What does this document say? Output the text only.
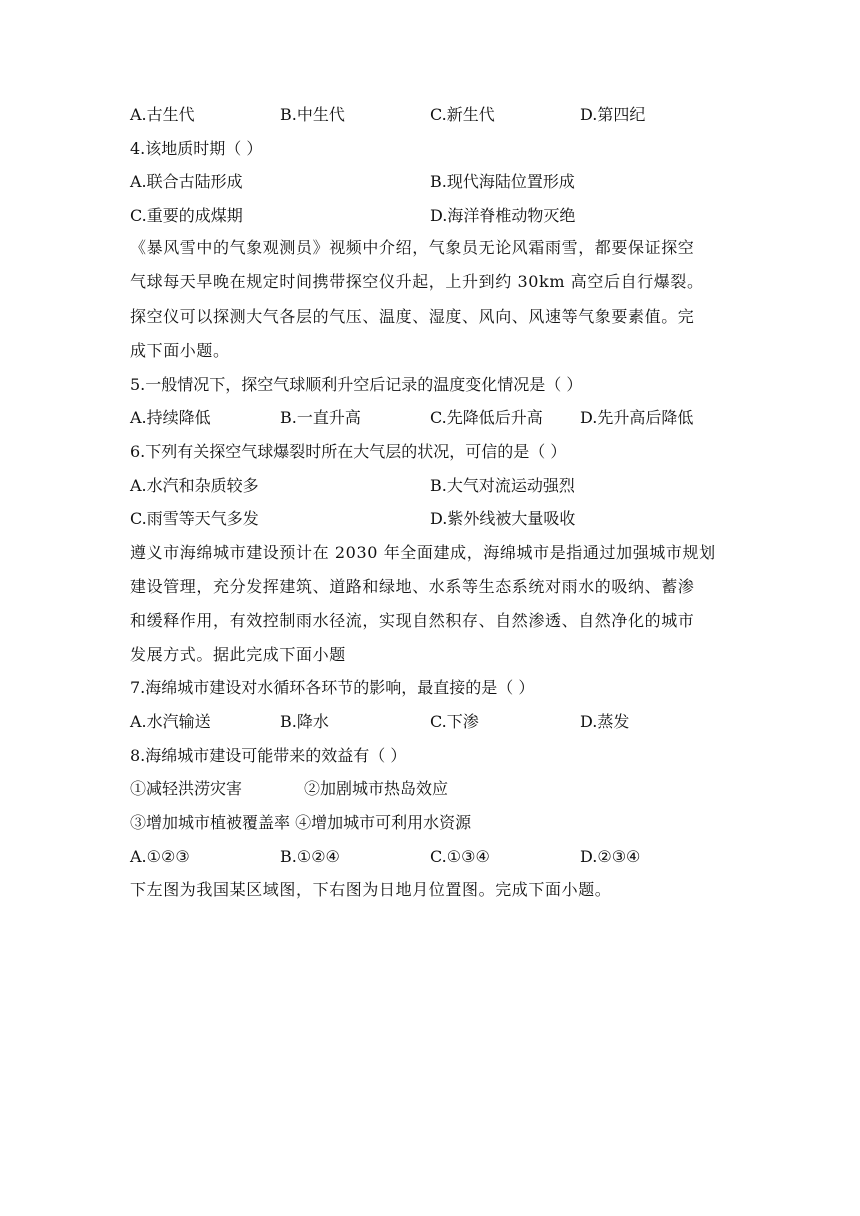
A.古生代	B.中生代	C.新生代	D.第四纪
4.该地质时期（ ）
A.联合古陆形成	B.现代海陆位置形成
C.重要的成煤期	D.海洋脊椎动物灭绝
《暴风雪中的气象观测员》视频中介绍，气象员无论风霜雨雪，都要保证探空
气球每天早晚在规定时间携带探空仪升起，上升到约 30km 高空后自行爆裂。
探空仪可以探测大气各层的气压、温度、湿度、风向、风速等气象要素值。完
成下面小题。
5.一般情况下，探空气球顺利升空后记录的温度变化情况是（ ）
A.持续降低	B.一直升高	C.先降低后升高 D.先升高后降低
6.下列有关探空气球爆裂时所在大气层的状况，可信的是（ ）
A.水汽和杂质较多	B.大气对流运动强烈
C.雨雪等天气多发	D.紫外线被大量吸收
遵义市海绵城市建设预计在 2030 年全面建成，海绵城市是指通过加强城市规划
建设管理，充分发挥建筑、道路和绿地、水系等生态系统对雨水的吸纳、蓄渗
和缓释作用，有效控制雨水径流，实现自然积存、自然渗透、自然净化的城市
发展方式。据此完成下面小题
7.海绵城市建设对水循环各环节的影响，最直接的是（ ）
A.水汽输送	B.降水	C.下渗	D.蒸发
8.海绵城市建设可能带来的效益有（ ）
①减轻洪涝灾害	②加剧城市热岛效应
③增加城市植被覆盖率 ④增加城市可利用水资源
A.①②③	B.①②④	C.①③④	D.②③④
下左图为我国某区域图，下右图为日地月位置图。完成下面小题。
